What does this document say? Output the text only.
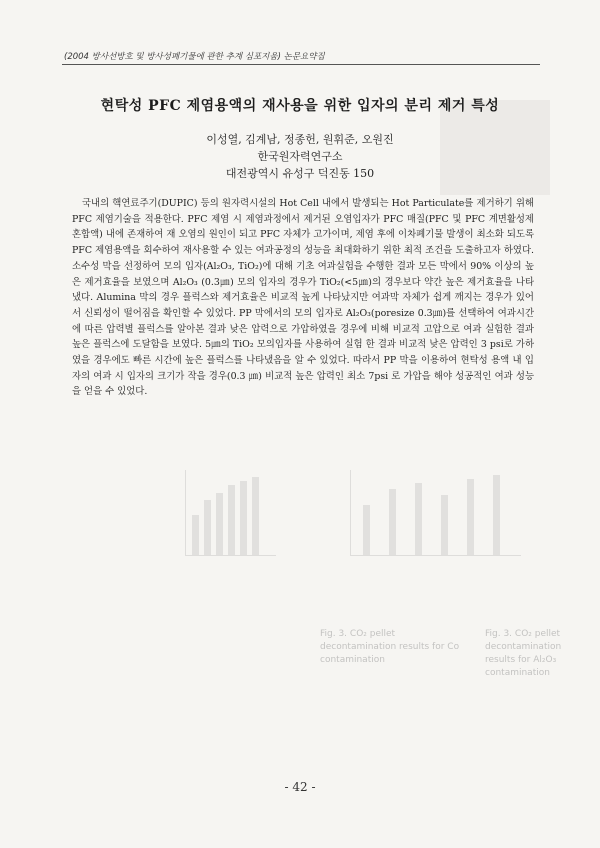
Fig. 3. CO₂ pellet decontamination results for Al₂O₃ contamination
Fig. 3. CO₂ pellet decontamination results for Co contamination
(2004 방사선방호 및 방사성폐기물에 관한 추계 심포지움) 논문요약집
현탁성 PFC 제염용액의 재사용을 위한 입자의 분리 제거 특성
이성열, 김계남, 정종헌, 원휘준, 오원진
한국원자력연구소
대전광역시 유성구 덕진동 150

국내의 핵연료주기(DUPIC) 등의 원자력시설의 Hot Cell 내에서 발생되는 Hot Particulate를 제거하기 위해 PFC 제염기술을 적용한다. PFC 제염 시 제염과정에서 제거된 오염입자가 PFC 매질(PFC 및 PFC 계면활성제 혼합액) 내에 존재하여 재 오염의 원인이 되고 PFC 자체가 고가이며, 제염 후에 이차폐기물 발생이 최소화 되도록 PFC 제염용액을 회수하여 재사용할 수 있는 여과공정의 성능을 최대화하기 위한 최적 조건을 도출하고자 하였다. 소수성 막을 선정하여 모의 입자(Al₂O₃, TiO₂)에 대해 기초 여과실험을 수행한 결과 모든 막에서 90% 이상의 높은 제거효율을 보였으며 Al₂O₃ (0.3㎛) 모의 입자의 경우가 TiO₂(<5㎛)의 경우보다 약간 높은 제거효율을 나타냈다. Alumina 막의 경우 플럭스와 제거효율은 비교적 높게 나타났지만 여과막 자체가 쉽게 깨지는 경우가 있어서 신뢰성이 떨어짐을 확인할 수 있었다. PP 막에서의 모의 입자로 Al₂O₃(poresize 0.3㎛)를 선택하여 여과시간에 따른 압력별 플럭스를 알아본 결과 낮은 압력으로 가압하였을 경우에 비해 비교적 고압으로 여과 실험한 결과 높은 플럭스에 도달함을 보였다. 5㎛의 TiO₂ 모의입자를 사용하여 실험 한 결과 비교적 낮은 압력인 3 psi로 가하였을 경우에도 빠른 시간에 높은 플럭스를 나타냈음을 알 수 있었다. 따라서 PP 막을 이용하여 현탁성 용액 내 입자의 여과 시 입자의 크기가 작을 경우(0.3 ㎛) 비교적 높은 압력인 최소 7psi 로 가압을 해야 성공적인 여과 성능을 얻을 수 있었다.

- 42 -
